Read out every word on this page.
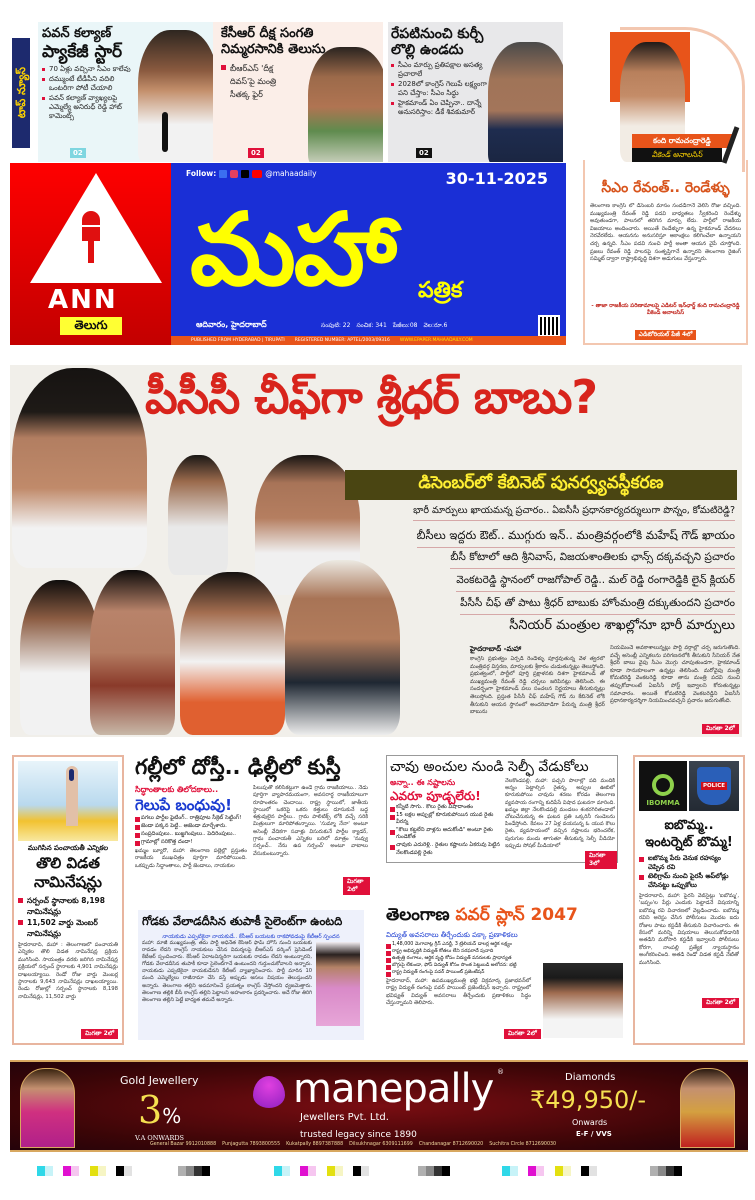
టాప్ న్యూస్
పవన్ కల్యాణ్
ప్యాకేజీ స్టార్
70 ఏళ్లు వచ్చినా సీఎం కాలేవు
దమ్ముంటే టీడీపీని వదిలి ఒంటరిగా పోటీ చేయాలి
పవన్ కల్యాణ్ వ్యాఖ్యలపై ఎమ్మెల్యే అనిరుధ్ రెడ్డి హాట్ కామెంట్స్
02
కేసీఆర్ దీక్ష సంగతి
నిమ్మరసానికి తెలుసు
బీఆర్ఎస్ 'దీక్ష దివస్'పై మంత్రి సీతక్క ఫైర్
02
రేపటినుంచి కుర్చీ
లొల్లి ఉండదు
సీఎం మార్పు ప్రతిపక్షాల అసత్య ప్రచారాలే
2028లో కాంగ్రెస్ గెలుపే లక్ష్యంగా పని చేస్తాం: సీఎం సిద్ధు
హైకమాండ్ ఏం చెప్పినా.. దాన్నే అనుసరిస్తాం: డీకే శివకుమార్
02
కంది రామచంద్రారెడ్డి
వీకెండ్ అనాలసిస్
ANN
తెలుగు
Follow:	@mahaadaily	30-11-2025
ఆదివారం, హైదరాబాద్	సంపుటి: 22 సంచిక: 341 పేజీలు:08 వెల:రూ.6
మహా పత్రిక
PUBLISHED FROM HYDERABAD | TIRUPATI REGISTERED NUMBER: APTEL/2003/09316 WWW.EPAPER.MAHAADAILY.COM
సీఎం రేవంత్.. రెండేళ్ళు
తెలంగాణ కాంగ్రెస్ లో డిసెంబర్ మాసం సందడిగానే వెలిసే రోజు వచ్చింది. ముఖ్యమంత్రి రేవంత్ రెడ్డి పదవి బాధ్యతలు స్వీకరించి రెండేళ్ళు అవుతుండగా, పాలనలో తరిగిన మార్పు లేదు. పార్టీలో రాజకీయ విజయాలు అందించారు. అయితే రెండేళ్ళుగా ఉన్న హైకమాండ్ వేదనలు నెరవేరలేదు. ఆయనను అనుసరిస్తూ ఆకాంక్షలు కలిగించేలా ఉన్నాయని చర్చ ఉన్నది. సీఎం పదవి నుంచి పార్టీ అంతా ఆయన వైపే చూస్తోంది. ప్రజలు రేవంత్ రెడ్డి పాలనపై సంతృప్తిగానే ఉన్నారని తెలంగాణ రైజింగ్ సమ్మిట్ ద్వారా రాష్ట్రాభివృద్ధి దిశగా అడుగులు వేస్తున్నారు.
- తాజా రాజకీయ పరిణామాలపై ఎడిటర్ ఇన్‌ఛార్జ్ కంది రామచంద్రారెడ్డి వీకెండ్ అనాలసిస్
ఎడిటోరియల్ పేజీ 4లో
పీసీసీ చీఫ్‌గా శ్రీధర్ బాబు?
డిసెంబర్‌లో కేబినెట్ పునర్వ్యవస్థీకరణ
భారీ మార్పులు ఖాయమన్న ప్రచారం.. ఏఐసీసీ ప్రధానకార్యదర్శులుగా పొన్నం, కోమటిరెడ్డి?
బీసీలు ఇద్దరు ఔట్.. ముగ్గురు ఇన్.. మంత్రివర్గంలోకి మహేష్ గౌడ్ ఖాయం
బీసీ కోటాలో ఆది శ్రీనివాస్, విజయశాంతిలకు ఛాన్స్ దక్కవచ్చని ప్రచారం
వెంకటరెడ్డి స్థానంలో రాజగోపాల్ రెడ్డి.. మల్ రెడ్డి రంగారెడ్డికి లైన్ క్లియర్
పీసీసీ చీఫ్ తో పాటు శ్రీధర్ బాబుకు హోంమంత్రి దక్కుతుందని ప్రచారం
సీనియర్ మంత్రుల శాఖల్లోనూ భారీ మార్పులు
హైదరాబాద్ -మహా
కాంగ్రెస్ ప్రభుత్వం ఏర్పడి రెండేళ్ళు పూర్తవుతున్న వేళ త్వరలో మంత్రివర్గ విస్తరణ, మార్పులకు శ్రీకారం చుడుతున్నట్లు తెలుస్తోంది. ప్రభుత్వంలో, పార్టీలో పూర్తి ప్రక్షాళనకు దిశగా హైకమాండ్ తో ముఖ్యమంత్రి రేవంత్ రెడ్డి చర్చలు జరిపినట్లు తెలిసింది. ఈ సందర్భంగా హైకమాండ్ పలు సంచలన నిర్ణయాలు తీసుకున్నట్లు తెలుస్తోంది. ప్రస్తుత పీసీసీ చీఫ్ మహేష్ గౌడ్ ను కేబినెట్ లోకి తీసుకుని ఆయన స్థానంలో అందరివాడిగా పేరున్న మంత్రి శ్రీధర్ బాబును
నియమించే అవకాశాలున్నట్లు పార్టీ వర్గాల్లో చర్చ జరుగుతోంది. వచ్చే అసెంబ్లీ ఎన్నికలను పరిగణనలోకి తీసుకుని సీనియర్ నేత శ్రీధర్ బాబు వైపు సీఎం మొగ్గు చూపుతుండగా, హైకమాండ్ కూడా సానుకూలంగా ఉన్నట్లు తెలిసింది. మరోవైపు మంత్రి కోమటిరెడ్డి వెంకటరెడ్డి కూడా తాను మంత్రి పదవి నుంచి తప్పుకోవాలంటే ఏఐసీసీ పోస్ట్ ఇవ్వాలని కోరుతున్నట్లు సమాచారం. అయితే కోమటిరెడ్డి వెంకటరెడ్డిని ఏఐసీసీ ప్రధానకార్యదర్శిగా నియమించవచ్చని ప్రచారం జరుగుతోంది.
మిగతా 2లో
ముగిసిన పంచాయతీ ఎన్నికల
తొలి విడత నామినేషన్లు
సర్పంచ్ స్థానాలకు 8,198 నామినేషన్లు
11,502 వార్డు మెంబర్ నామినేషన్లు
హైదరాబాద్, మహా : తెలంగాణలో పంచాయతీ ఎన్నికల తొలి విడత నామినేషన్ల ప్రక్రియ ముగిసింది. సాయంత్రం వరకు జరిగిన నామినేషన్ల ప్రక్రియలో సర్పంచ్ స్థానాలకు 4,901 నామినేషన్లు దాఖలయ్యాయి. రెండో రోజు వార్డు మెంబర్ల స్థానాలకు 9,643 నామినేషన్లు దాఖలయ్యాయి. రెండు రోజుల్లో సర్పంచ్ స్థానాలకు 8,198 నామినేషన్లు, 11,502 వార్డు
మిగతా 2లో
గల్లీలో దోస్తీ.. ఢిల్లీలో కుస్తీ
సిద్ధాంతాలకు తిలోదకాలు..
గెలుపే బంధువు!
పగలు పార్టీల ఫైటింగ్.. రాత్రిపూట సీక్రెట్ సెట్టింగ్!
జెండా పక్కన పెట్టి.. అజెండా మార్చేశారు.
సంప్రదింపులు.. బుజ్జగింపులు.. పెదిరింపులు..
గ్రామాల్లో సరికొత్త దందా!
ఖమ్మం బ్యూరో, మహా: తెలంగాణ పల్లెల్లో ప్రస్తుతం రాజకీయ ముఖచిత్రం పూర్తిగా మారిపోయింది. ఒకప్పుడు సిద్ధాంతాలు, పార్టీ జెండాలు, నాయకుల
పిలుపుతో కలిసికట్టుగా ఉండే గ్రామ రాజకీయాలు.. నేడు పూర్తిగా వ్యాపారమయంగా, అవసరార్థ రాజకీయాలుగా రూపాంతరం చెందాయి. రాష్ట్ర స్థాయిలో, జాతీయ స్థాయిలో ఒకరిపై ఒకరు కత్తులు దూసుకునే బద్ధ శత్రువులైన పార్టీలు.. గ్రామ పాలిటిక్స్ లోకి వచ్చే సరికి మిత్రులుగా మారిపోతున్నాయి. 'సుమ్మా నేనా' అంటూ అసెంబ్లీ వేదికగా సవాళ్లు విసురుకునే పార్టీల క్యాడర్, గ్రామ పంచాయతీ ఎన్నికల బరిలో మాత్రం 'నువ్వు సర్పంచ్.. నేను ఉప సర్పంచ్' అంటూ వాటాలు వేసుకుంటున్నారు.
మిగతా 2లో
చావు అంచుల నుండి సెల్ఫీ వేడుకోలు
అన్నా.. ఈ నష్టాలను
ఎవరూ పూడ్చలేరు!
కన్నీటి సాగు.. కౌలు రైతు విషాదాంతం
15 లక్షల అప్పుల్లో కూరుకుపోయిన యువ రైతు వీరన్న
"కౌలు కట్టలేని వాళ్లను ఆదుకోండి" అంటూ రైతు గుండెకోత
చావుకు ఎదురెళ్లి.. రైతుల కష్టాలను ఏకరువు పెట్టిన నేలకొండపల్లి రైతు
నేలకొండపల్లి, మహా: పచ్చని పొలాల్లో పది మందికి అన్నం పెట్టాల్సిన రైతన్న, అప్పుల ఊబిలో కూరుకుపోయి చావును శరణు కోరడం తెలంగాణ వ్యవసాయ రంగాన్ని కుదిపేసే విషాద ఘటనగా మారింది. ఖమ్మం జిల్లా నేలకొండపల్లి మండలం శంకరగిరితండాలో చోటుచేసుకున్న ఈ ఘటన ప్రతి ఒక్కరినీ గుండెలను పిండేస్తోంది. కేవలం 27 ఏళ్ల వయసున్న ఓ యువ కౌలు రైతు, వ్యవసాయంలో వచ్చిన నష్టాలను భరించలేక, పురుగుల మందు తాగుతూ తీసుకున్న సెల్ఫీ వీడియో ఇప్పుడు సోషల్ మీడియాలో
మిగతా 3లో
IBOMMA
POLICE
ఐబొమ్మ.. ఇంటర్నెట్ బొమ్మ!
ఐబొమ్మ పేరు వెనుక రహస్యం చెప్పిన రవి
టెలిగ్రామ్ నుంచి పైరసీ అప్‌లోడ్లు చేసినట్టు ఒప్పుకోలు
హైదరాబాద్, మహా: పైరసీ వెబ్‌సైట్లు 'ఐబొమ్మ', 'బప్పం'ల పేర్లు ఎందుకు పెట్టాడనే విషయాన్ని ఐబొమ్మ రవి విచారణలో వెల్లడించాడు. ఐబొమ్మ రవిని అరెస్టు చేసిన పోలీసులు మొదట ఐదు రోజుల పాటు కస్టడీకి తీసుకుని విచారించారు. ఈ కేసులో మరిన్ని విషయాలు తెలుసుకోవడానికి అతడిని మరోసారి కస్టడీకి ఇవ్వాలని పోలీసులు కోరగా, నాంపల్లి ప్రత్యేక న్యాయస్థానం అంగీకరించింది. అతడి రెండో విడత కస్టడీ నేటితో ముగిసింది.
మిగతా 2లో
గోడకు వేలాడదీసిన తుపాకీ సైలెంట్‌గా ఉంటది
నాయకుడు ఎప్పటికైనా నాయకుడే.. కేసీఆర్ బయటకు రాకపోవడంపై కేటీఆర్ స్పందన
మహా: మాజీ ముఖ్యమంత్రి, తమ పార్టీ అధినేత కేసీఆర్ ఫామ్ హౌస్ నుంచి బయటకు రావడం లేదని కాంగ్రెస్ నాయకులు చేసిన విమర్శలపై బీఆర్ఎస్ వర్కింగ్ ప్రెసిడెంట్ కేటీఆర్ స్పందించారు. కేసీఆర్ ఏరాటచిన్నరిగా బయటకు రావడం లేదని అంటున్నారని, గోడకు వేలాడదీసిన తుపాకీ కూడా సైలెంట్‌గానే ఉంటుందని గుర్తుంచుకోవాలని అన్నారు. నాయకుడు ఎప్పటికైనా నాయకుడేనని కేటీఆర్ వ్యాఖ్యానించారు. పార్టీ మారిన 10 మంది ఎమ్మెల్యేలు రాజీనామా చేసి వస్తే అప్పుడు అసలు విషయం తెలుస్తుందని అన్నారు. తెలంగాణ తల్లిని అవమానించే ప్రయత్నం కాంగ్రెస్ చేస్తోందని ధ్వజమెత్తారు. తెలంగాణ తల్లికి బీసీ కాంగ్రెస్ తల్లిని పెట్టాలని అహంకారం ప్రదర్శించారు. అదే రోజు తిరిగి తెలంగాణ తల్లిని పెట్టే బాధ్యత తమదే అన్నారు.
తెలంగాణ పవర్ ప్లాన్ 2047
విద్యుత్ అవసరాలు తీర్చేందుకు పక్కా ప్రణాళికలు
1,48,000 మెగావాట్ల గ్రీన్ ఎనర్జీ, 3 ట్రిలియన్ డాలర్ల ఆర్థిక లక్ష్యం
రాష్ట్ర అభివృద్ధికి విద్యుత్ కోతలు లేని సరఫరాదే పునాది
ఉత్పత్తి రంగాలు, ఆర్థిక వృద్ధి కోసం విద్యుత్ వనరులకు ప్రాధాన్యత
బొగ్గుపై లేకుండా, ఫోస్ విద్యుత్ కోసం సొంత పెట్టుబడి అలోచన: భట్టి
రాష్ట్ర విద్యుత్ రంగంపై పవర్ పాయింట్ ప్రజెంటేషన్
హైదరాబాద్, మహా: ఉపముఖ్యమంత్రి భట్టి విక్రమార్క ప్రజాభవన్‌లో రాష్ట్ర విద్యుత్ రంగంపై పవర్ పాయింట్ ప్రజెంటేషన్ ఇచ్చారు. రాష్ట్రంలో భవిష్యత్ విద్యుత్ అవసరాలు తీర్చేందుకు ప్రణాళికలు సిద్ధం చేస్తున్నామని తెలిపారు.
మిగతా 2లో
Gold Jewellery
3%
V.A ONWARDS
manepally ®
Jewellers Pvt. Ltd.
trusted legacy since 1890
Diamonds
₹49,950/-
Onwards
E-F / VVS
General Bazar 9912010888 Punjagutta 7893800555 Kukatpally 8897387888 Dilsukhnagar 6309111699 Chandanagar 8712690020 Suchitra Circle 8712690030
